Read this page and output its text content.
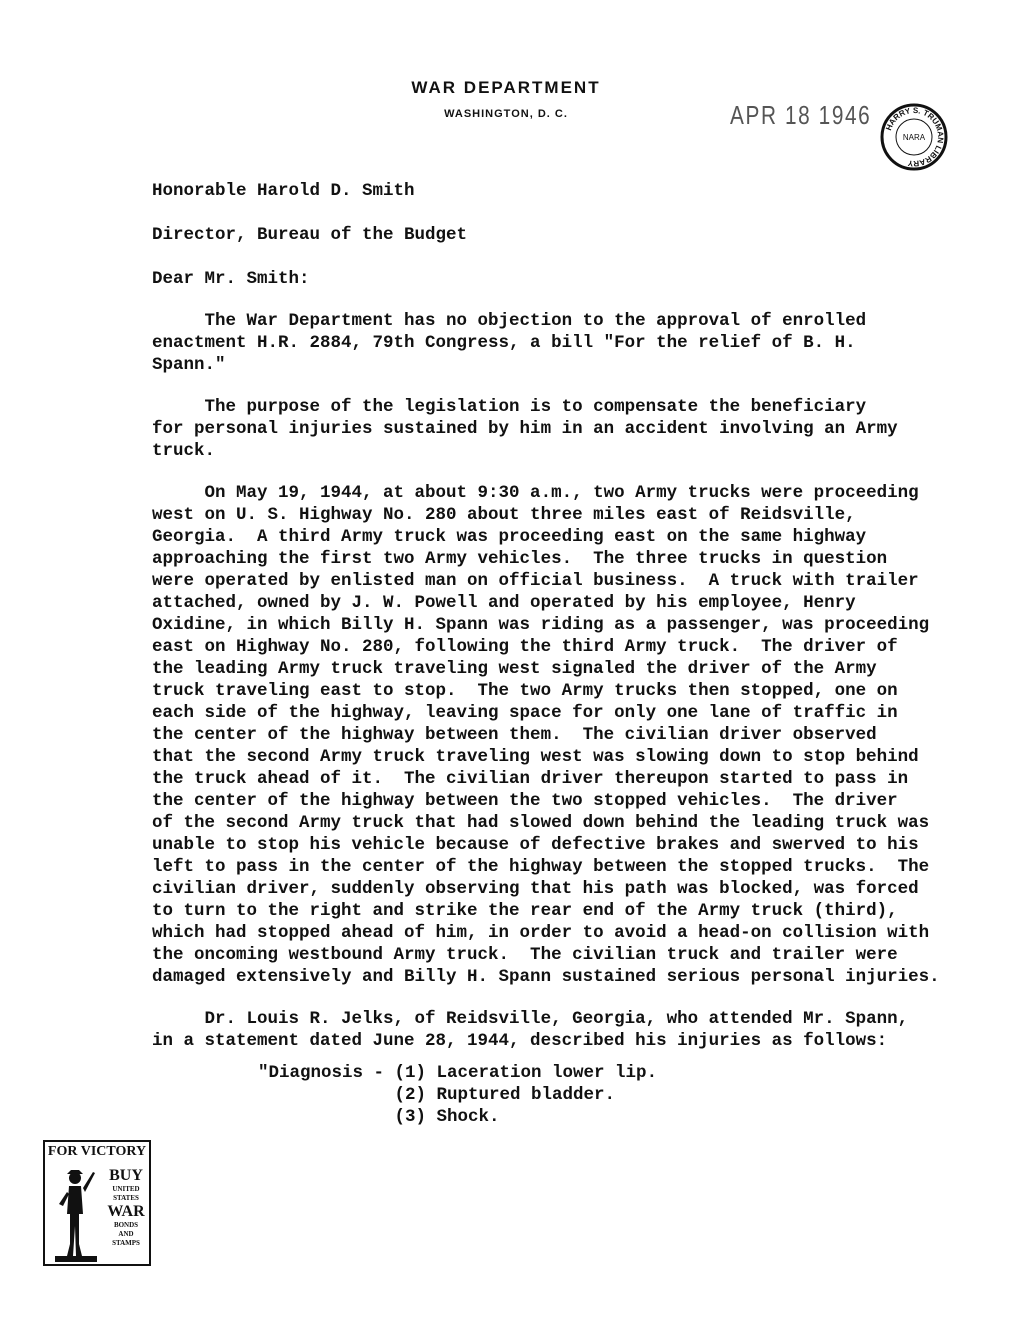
WAR DEPARTMENT
WASHINGTON, D. C.	APR 18 1946 HARRY S. TRUMAN LIBRARY
NARA

Honorable Harold D. Smith

Director, Bureau of the Budget

Dear Mr. Smith:

The War Department has no objection to the approval of enrolled

enactment H.R. 2884, 79th Congress, a bill "For the relief of B. H.

Spann."

The purpose of the legislation is to compensate the beneficiary

for personal injuries sustained by him in an accident involving an Army

truck.

On May 19, 1944, at about 9:30 a.m., two Army trucks were proceeding

west on U. S. Highway No. 280 about three miles east of Reidsville,

Georgia.  A third Army truck was proceeding east on the same highway

approaching the first two Army vehicles.  The three trucks in question

were operated by enlisted man on official business.  A truck with trailer

attached, owned by J. W. Powell and operated by his employee, Henry

Oxidine, in which Billy H. Spann was riding as a passenger, was proceeding

east on Highway No. 280, following the third Army truck.  The driver of

the leading Army truck traveling west signaled the driver of the Army

truck traveling east to stop.  The two Army trucks then stopped, one on

each side of the highway, leaving space for only one lane of traffic in

the center of the highway between them.  The civilian driver observed

that the second Army truck traveling west was slowing down to stop behind

the truck ahead of it.  The civilian driver thereupon started to pass in

the center of the highway between the two stopped vehicles.  The driver

of the second Army truck that had slowed down behind the leading truck was

unable to stop his vehicle because of defective brakes and swerved to his

left to pass in the center of the highway between the stopped trucks.  The

civilian driver, suddenly observing that his path was blocked, was forced

to turn to the right and strike the rear end of the Army truck (third),

which had stopped ahead of him, in order to avoid a head-on collision with

the oncoming westbound Army truck.  The civilian truck and trailer were

damaged extensively and Billy H. Spann sustained serious personal injuries.

Dr. Louis R. Jelks, of Reidsville, Georgia, who attended Mr. Spann,

in a statement dated June 28, 1944, described his injuries as follows:

"Diagnosis - (1) Laceration lower lip.

(2) Ruptured bladder.

(3) Shock.

FOR VICTORY
BUY
UNITED
STATES
WAR
BONDS
AND
STAMPS
